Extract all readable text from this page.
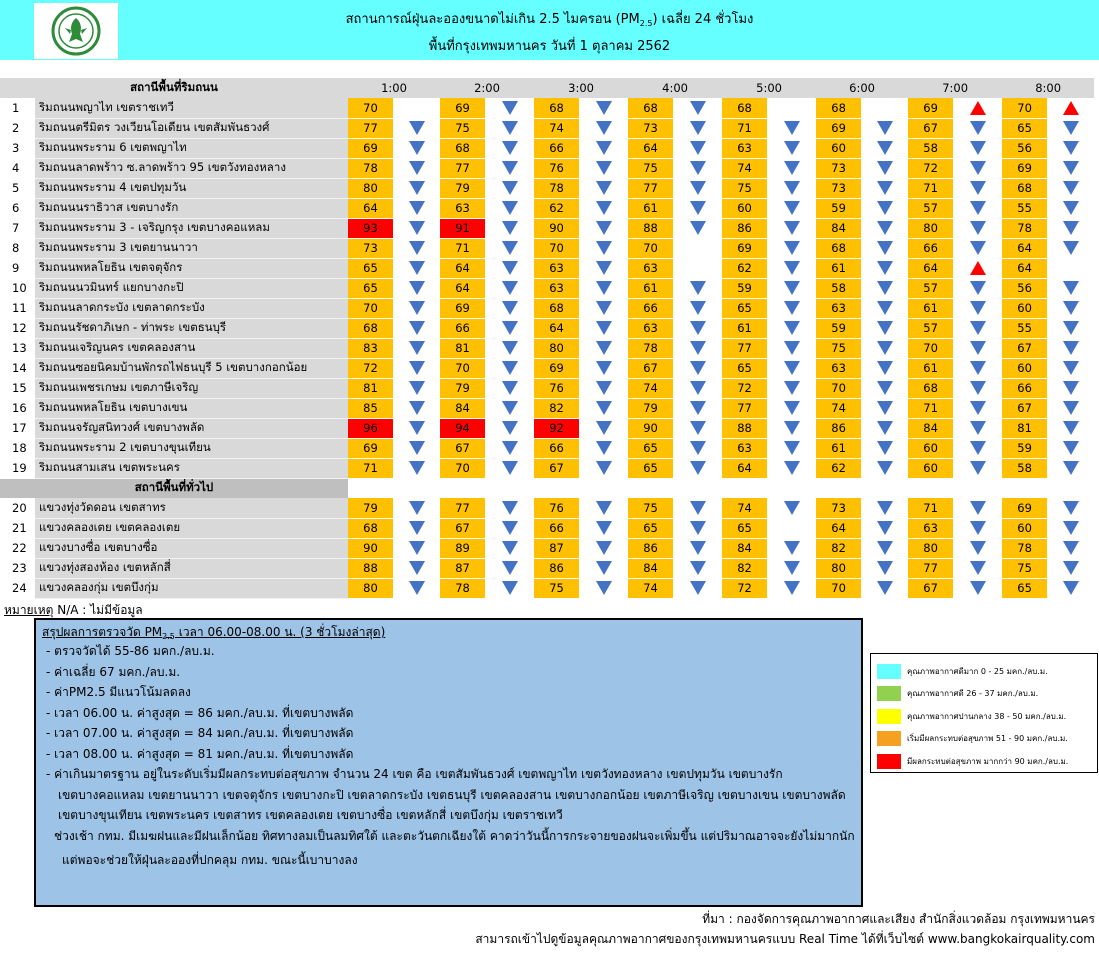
สถานการณ์ฝุ่นละอองขนาดไม่เกิน 2.5 ไมครอน $(PM_{2.5})$ เฉลี่ย 24 ชั่วโมง
พื้นที่กรุงเทพมหานคร วันที่ 1 ตุลาคม 2562
สถานีพื้นที่ริมถนน		1:00		2:00		3:00		4:00		5:00		6:00		7:00		8:00	
1	ริมถนนพญาไท เขตราชเทวี	70		69		68		68		68		68		69		70	
2	ริมถนนตรีมิตร วงเวียนโอเดียน เขตสัมพันธวงศ์	77		75		74		73		71		69		67		65	
3	ริมถนนพระราม 6 เขตพญาไท	69		68		66		64		63		60		58		56	
4	ริมถนนลาดพร้าว ซ.ลาดพร้าว 95 เขตวังทองหลาง	78		77		76		75		74		73		72		69	
5	ริมถนนพระราม 4 เขตปทุมวัน	80		79		78		77		75		73		71		68	
6	ริมถนนนราธิวาส เขตบางรัก	64		63		62		61		60		59		57		55	
7	ริมถนนพระราม 3 - เจริญกรุง เขตบางคอแหลม	93		91		90		88		86		84		80		78	
8	ริมถนนพระราม 3 เขตยานนาวา	73		71		70		70		69		68		66		64	
9	ริมถนนพหลโยธิน เขตจตุจักร	65		64		63		63		62		61		64		64	
10	ริมถนนนวมินทร์ แยกบางกะปิ	65		64		63		61		59		58		57		56	
11	ริมถนนลาดกระบัง เขตลาดกระบัง	70		69		68		66		65		63		61		60	
12	ริมถนนรัชดาภิเษก - ท่าพระ เขตธนบุรี	68		66		64		63		61		59		57		55	
13	ริมถนนเจริญนคร เขตคลองสาน	83		81		80		78		77		75		70		67	
14	ริมถนนซอยนิคมบ้านพักรถไฟธนบุรี 5 เขตบางกอกน้อย	72		70		69		67		65		63		61		60	
15	ริมถนนเพชรเกษม เขตภาษีเจริญ	81		79		76		74		72		70		68		66	
16	ริมถนนพหลโยธิน เขตบางเขน	85		84		82		79		77		74		71		67	
17	ริมถนนจรัญสนิทวงศ์ เขตบางพลัด	96		94		92		90		88		86		84		81	
18	ริมถนนพระราม 2 เขตบางขุนเทียน	69		67		66		65		63		61		60		59	
19	ริมถนนสามเสน เขตพระนคร	71		70		67		65		64		62		60		58	
สถานีพื้นที่ทั่วไป																	
20	แขวงทุ่งวัดดอน เขตสาทร	79		77		76		75		74		73		71		69	
21	แขวงคลองเตย เขตคลองเตย	68		67		66		65		65		64		63		60	
22	แขวงบางซื่อ เขตบางซื่อ	90		89		87		86		84		82		80		78	
23	แขวงทุ่งสองห้อง เขตหลักสี่	88		87		86		84		82		80		77		75	
24	แขวงคลองกุ่ม เขตบึงกุ่ม	80		78		75		74		72		70		67		65	
หมายเหตุ N/A : ไม่มีข้อมูล
สรุปผลการตรวจวัด $PM_{2.5}$ เวลา 06.00-08.00 น. (3 ชั่วโมงล่าสุด)
- ตรวจวัดได้ 55-86 มคก./ลบ.ม.
- ค่าเฉลี่ย 67 มคก./ลบ.ม.
- ค่าPM2.5 มีแนวโน้มลดลง
- เวลา 06.00 น. ค่าสูงสุด = 86 มคก./ลบ.ม. ที่เขตบางพลัด
- เวลา 07.00 น. ค่าสูงสุด = 84 มคก./ลบ.ม. ที่เขตบางพลัด
- เวลา 08.00 น. ค่าสูงสุด = 81 มคก./ลบ.ม. ที่เขตบางพลัด
- ค่าเกินมาตรฐาน อยู่ในระดับเริ่มมีผลกระทบต่อสุขภาพ จำนวน 24 เขต คือ เขตสัมพันธวงศ์ เขตพญาไท เขตวังทองหลาง เขตปทุมวัน เขตบางรัก
เขตบางคอแหลม เขตยานนาวา เขตจตุจักร เขตบางกะปิ เขตลาดกระบัง เขตธนบุรี เขตคลองสาน เขตบางกอกน้อย เขตภาษีเจริญ เขตบางเขน เขตบางพลัด
เขตบางขุนเทียน เขตพระนคร เขตสาทร เขตคลองเตย เขตบางซื่อ เขตหลักสี่ เขตบึงกุ่ม เขตราชเทวี
ช่วงเช้า กทม. มีเมฆฝนและมีฝนเล็กน้อย ทิศทางลมเป็นลมทิศใต้ และตะวันตกเฉียงใต้ คาดว่าวันนี้การกระจายของฝนจะเพิ่มขึ้น แต่ปริมาณอาจจะยังไม่มากนัก
แต่พอจะช่วยให้ฝุ่นละอองที่ปกคลุม กทม. ขณะนี้เบาบางลง
คุณภาพอากาศดีมาก 0 - 25 มคก./ลบ.ม.
คุณภาพอากาศดี 26 - 37 มคก./ลบ.ม.
คุณภาพอากาศปานกลาง 38 - 50 มคก./ลบ.ม.
เริ่มมีผลกระทบต่อสุขภาพ 51 - 90 มคก./ลบ.ม.
มีผลกระทบต่อสุขภาพ มากกว่า 90 มคก./ลบ.ม.
ที่มา : กองจัดการคุณภาพอากาศและเสียง สำนักสิ่งแวดล้อม กรุงเทพมหานคร
สามารถเข้าไปดูข้อมูลคุณภาพอากาศของกรุงเทพมหานครแบบ Real Time ได้ที่เว็บไซต์ www.bangkokairquality.com
